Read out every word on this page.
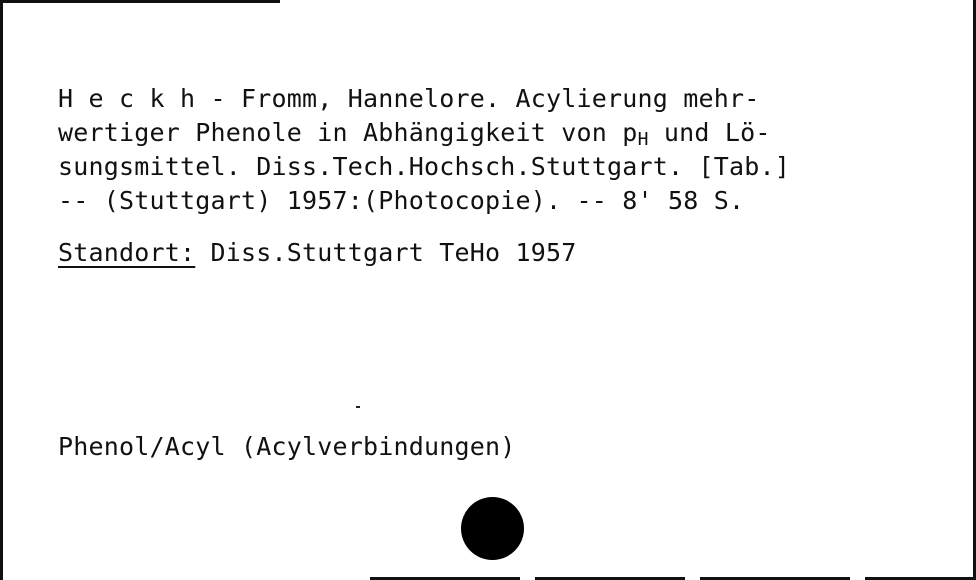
H e c k h - Fromm, Hannelore. Acylierung mehr-
wertiger Phenole in Abhängigkeit von $p_H$ und Lö-
sungsmittel. Diss.Tech.Hochsch.Stuttgart. [Tab.]
-- (Stuttgart) 1957:(Photocopie). -- 8' 58 S.
Standort: Diss.Stuttgart TeHo 1957
Phenol/Acyl (Acylverbindungen)
